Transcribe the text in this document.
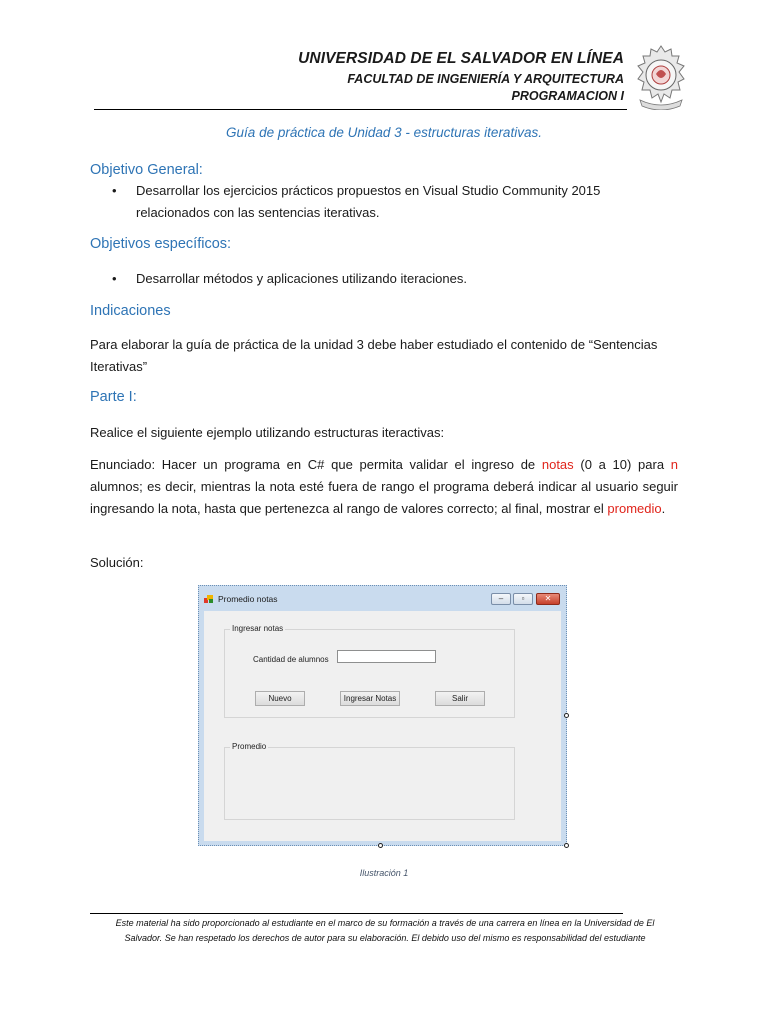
UNIVERSIDAD DE EL SALVADOR EN LÍNEA
FACULTAD DE INGENIERÍA Y ARQUITECTURA
PROGRAMACION I
Guía de práctica de Unidad 3 - estructuras iterativas.
Objetivo General:
• Desarrollar los ejercicios prácticos propuestos en Visual Studio Community 2015 relacionados con las sentencias iterativas.
Objetivos específicos:
• Desarrollar métodos y aplicaciones utilizando iteraciones.
Indicaciones
Para elaborar la guía de práctica de la unidad 3 debe haber estudiado el contenido de “Sentencias Iterativas”
Parte I:
Realice el siguiente ejemplo utilizando estructuras iteractivas:
Enunciado: Hacer un programa en C# que permita validar el ingreso de notas (0 a 10) para n alumnos; es decir, mientras la nota esté fuera de rango el programa deberá indicar al usuario seguir ingresando la nota, hasta que pertenezca al rango de valores correcto; al final, mostrar el promedio.
Solución:
Promedio notas	–	▫	✕
Ingresar notas
Cantidad de alumnos
Nuevo	Ingresar Notas	Salir
Promedio
Ilustración 1
Este material ha sido proporcionado al estudiante en el marco de su formación a través de una carrera en línea en la Universidad de El Salvador. Se han respetado los derechos de autor para su elaboración. El debido uso del mismo es responsabilidad del estudiante
